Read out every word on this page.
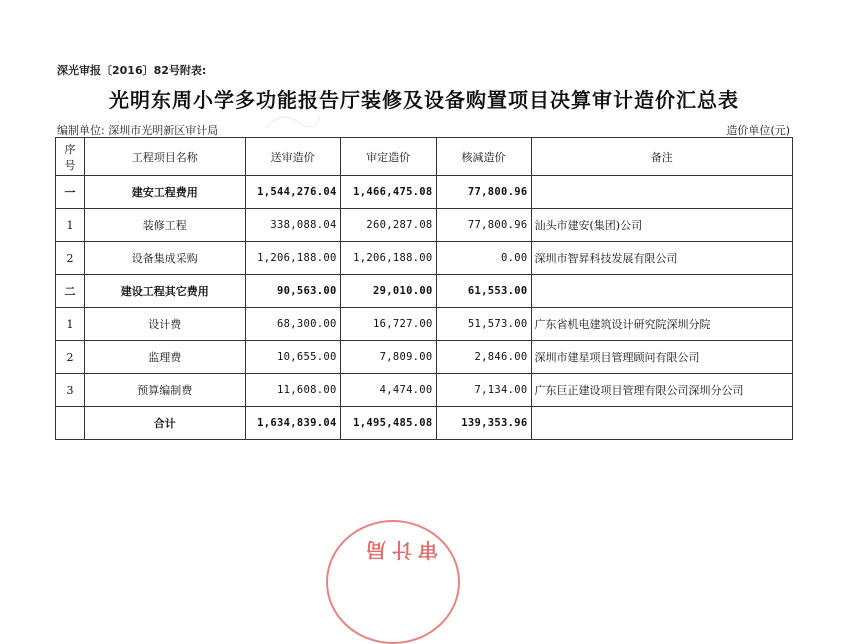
深光审报〔2016〕82号附表:
光明东周小学多功能报告厅装修及设备购置项目决算审计造价汇总表
编制单位: 深圳市光明新区审计局	造价单位(元)
序号	工程项目名称	送审造价	审定造价	核减造价	备注
一	建安工程费用	1,544,276.04	1,466,475.08	77,800.96	
1	装修工程	338,088.04	260,287.08	77,800.96	汕头市建安(集团)公司
2	设备集成采购	1,206,188.00	1,206,188.00	0.00	深圳市智昇科技发展有限公司
二	建设工程其它费用	90,563.00	29,010.00	61,553.00	
1	设计费	68,300.00	16,727.00	51,573.00	广东省机电建筑设计研究院深圳分院
2	监理费	10,655.00	7,809.00	2,846.00	深圳市建星项目管理顾问有限公司
3	预算编制费	11,608.00	4,474.00	7,134.00	广东巨正建设项目管理有限公司深圳分公司
	合计	1,634,839.04	1,495,485.08	139,353.96	
审计局
